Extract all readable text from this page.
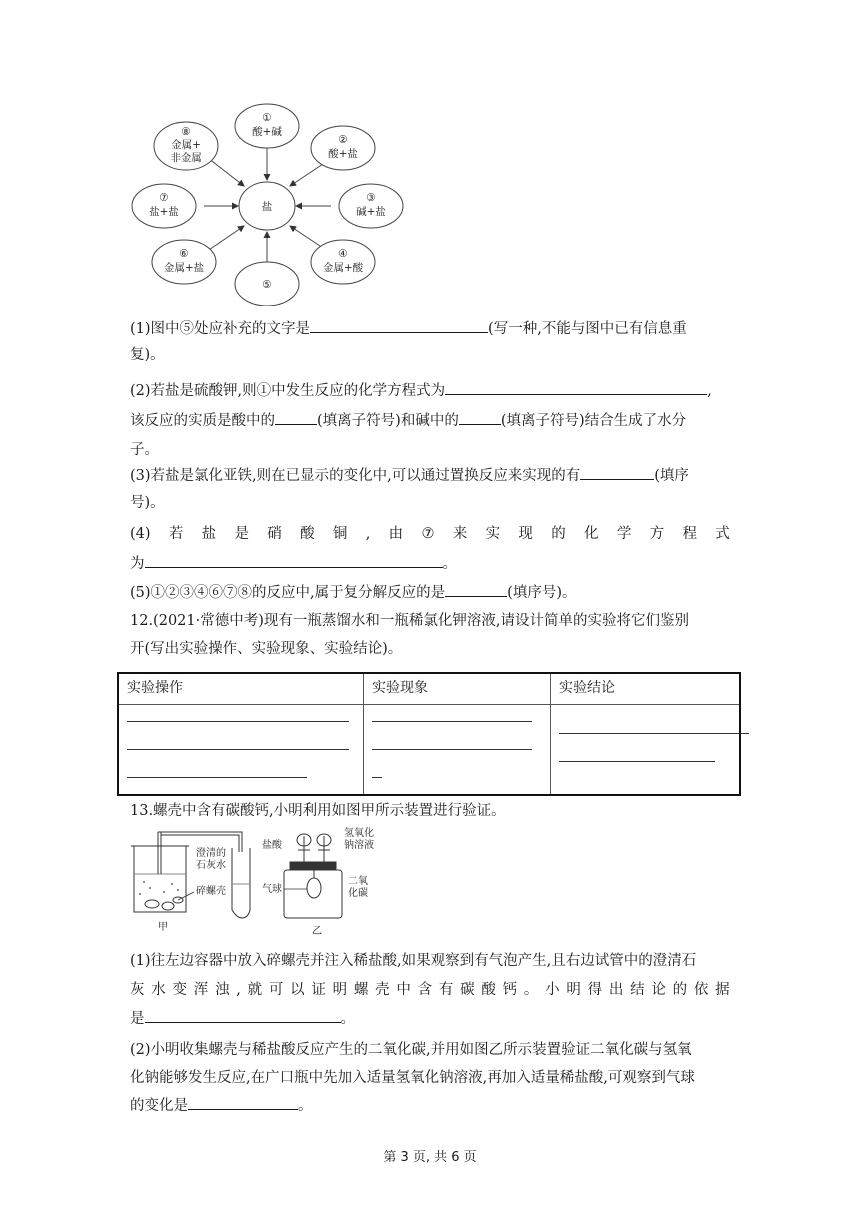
盐
①
酸+碱
②
酸+盐
③
碱+盐
④
金属+酸
⑤
⑥
金属+盐
⑦
盐+盐
⑧
金属+
非金属
(1)图中⑤处应补充的文字是	(写一种,不能与图中已有信息重
复)。
(2)若盐是硫酸钾,则①中发生反应的化学方程式为	,
该反应的实质是酸中的	(填离子符号)和碱中的	(填离子符号)结合生成了水分
子。
(3)若盐是氯化亚铁,则在已显示的变化中,可以通过置换反应来实现的有	(填序
号)。
(4) 若 盐 是 硝 酸 铜 , 由 ⑦ 来 实 现 的 化 学 方 程 式
为	。
(5)①②③④⑥⑦⑧的反应中,属于复分解反应的是	(填序号)。
12.(2021·常德中考)现有一瓶蒸馏水和一瓶稀氯化钾溶液,请设计简单的实验将它们鉴别
开(写出实验操作、实验现象、实验结论)。
实验操作	实验现象	实验结论

13.螺壳中含有碳酸钙,小明利用如图甲所示装置进行验证。
澄清的
石灰水
碎螺壳
甲
盐酸
氢氧化
钠溶液
气球
二氧
化碳
乙
(1)往左边容器中放入碎螺壳并注入稀盐酸,如果观察到有气泡产生,且右边试管中的澄清石
灰 水 变 浑 浊 , 就 可 以 证 明 螺 壳 中 含 有 碳 酸 钙 。 小 明 得 出 结 论 的 依 据
是	。
(2)小明收集螺壳与稀盐酸反应产生的二氧化碳,并用如图乙所示装置验证二氧化碳与氢氧
化钠能够发生反应,在广口瓶中先加入适量氢氧化钠溶液,再加入适量稀盐酸,可观察到气球
的变化是	。
第 3 页, 共 6 页
